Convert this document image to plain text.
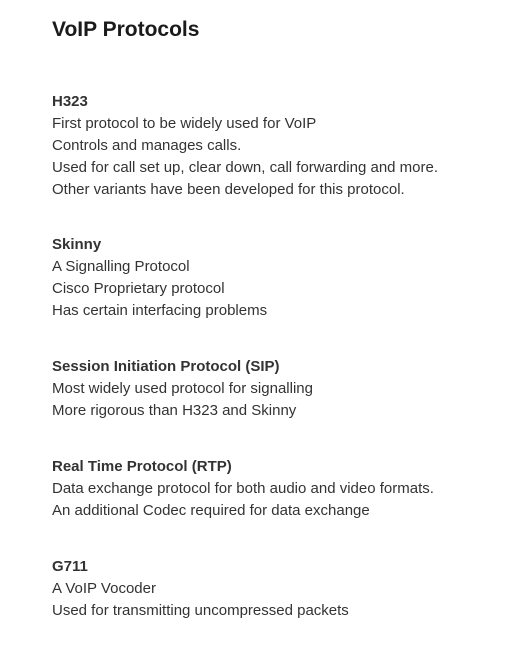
VoIP Protocols
H323
First protocol to be widely used for VoIP
Controls and manages calls.
Used for call set up, clear down, call forwarding and more.
Other variants have been developed for this protocol.
Skinny
A Signalling Protocol
Cisco Proprietary protocol
Has certain interfacing problems
Session Initiation Protocol (SIP)
Most widely used protocol for signalling
More rigorous than H323 and Skinny
Real Time Protocol (RTP)
Data exchange protocol for both audio and video formats.
An additional Codec required for data exchange
G711
A VoIP Vocoder
Used for transmitting uncompressed packets
